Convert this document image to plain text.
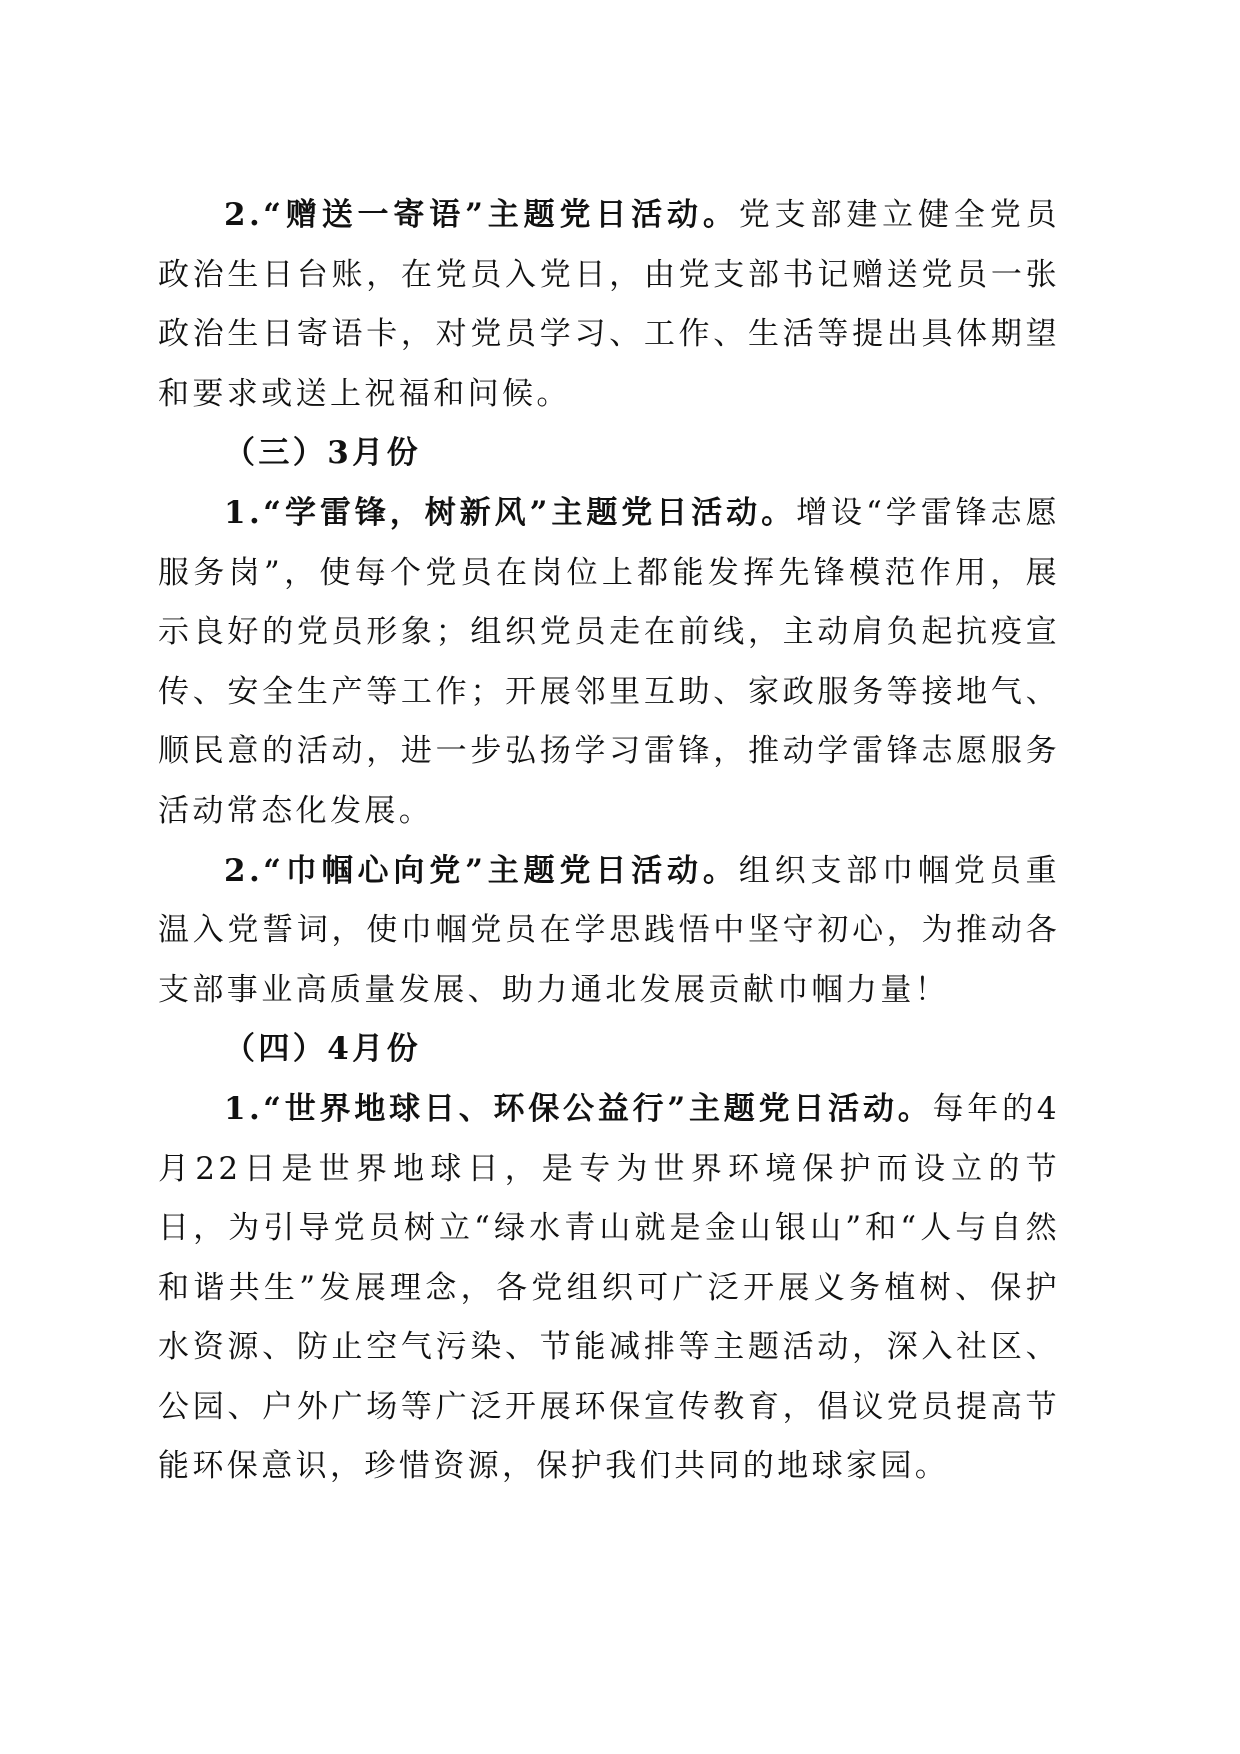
2.“赠送一寄语”主题党日活动。党支部建立健全党员政治生日台账，在党员入党日，由党支部书记赠送党员一张政治生日寄语卡，对党员学习、工作、生活等提出具体期望和要求或送上祝福和问候。

（三）3月份

1.“学雷锋，树新风”主题党日活动。增设“学雷锋志愿服务岗”，使每个党员在岗位上都能发挥先锋模范作用，展示良好的党员形象；组织党员走在前线，主动肩负起抗疫宣传、安全生产等工作；开展邻里互助、家政服务等接地气、顺民意的活动，进一步弘扬学习雷锋，推动学雷锋志愿服务活动常态化发展。

2.“巾帼心向党”主题党日活动。组织支部巾帼党员重温入党誓词，使巾帼党员在学思践悟中坚守初心，为推动各支部事业高质量发展、助力通北发展贡献巾帼力量！

（四）4月份

1.“世界地球日、环保公益行”主题党日活动。每年的4月22日是世界地球日，是专为世界环境保护而设立的节日，为引导党员树立“绿水青山就是金山银山”和“人与自然和谐共生”发展理念，各党组织可广泛开展义务植树、保护水资源、防止空气污染、节能减排等主题活动，深入社区、公园、户外广场等广泛开展环保宣传教育，倡议党员提高节能环保意识，珍惜资源，保护我们共同的地球家园。
